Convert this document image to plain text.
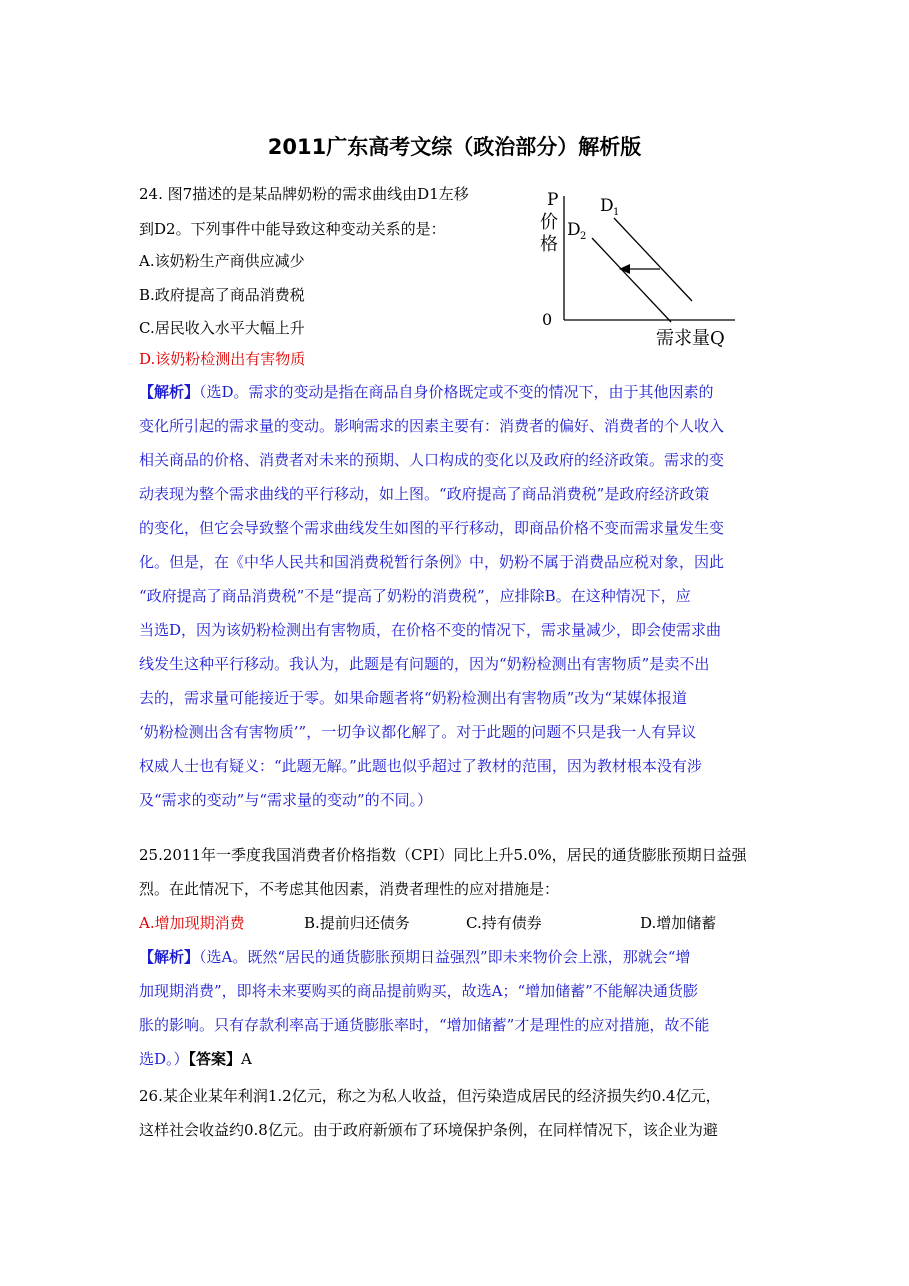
2011广东高考文综（政治部分）解析版
24. 图7描述的是某品牌奶粉的需求曲线由D1左移
到D2。下列事件中能导致这种变动关系的是：
A.该奶粉生产商供应减少
B.政府提高了商品消费税
C.居民收入水平大幅上升
D.该奶粉检测出有害物质
P
价
格
0
需求量Q
D 1
D 2
【解析】（选D。需求的变动是指在商品自身价格既定或不变的情况下，由于其他因素的
变化所引起的需求量的变动。影响需求的因素主要有：消费者的偏好、消费者的个人收入
相关商品的价格、消费者对未来的预期、人口构成的变化以及政府的经济政策。需求的变
动表现为整个需求曲线的平行移动，如上图。“政府提高了商品消费税”是政府经济政策
的变化，但它会导致整个需求曲线发生如图的平行移动，即商品价格不变而需求量发生变
化。但是，在《中华人民共和国消费税暂行条例》中，奶粉不属于消费品应税对象，因此
“政府提高了商品消费税”不是“提高了奶粉的消费税”，应排除B。在这种情况下，应
当选D，因为该奶粉检测出有害物质，在价格不变的情况下，需求量减少，即会使需求曲
线发生这种平行移动。我认为，此题是有问题的，因为“奶粉检测出有害物质”是卖不出
去的，需求量可能接近于零。如果命题者将“奶粉检测出有害物质”改为“某媒体报道
‘奶粉检测出含有害物质’”，一切争议都化解了。对于此题的问题不只是我一人有异议
权威人士也有疑义：“此题无解。”此题也似乎超过了教材的范围，因为教材根本没有涉
及“需求的变动”与“需求量的变动”的不同。）
25.2011年一季度我国消费者价格指数（CPI）同比上升5.0%，居民的通货膨胀预期日益强
烈。在此情况下，不考虑其他因素，消费者理性的应对措施是：
A.增加现期消费	B.提前归还债务	C.持有债券	D.增加储蓄
【解析】（选A。既然“居民的通货膨胀预期日益强烈”即未来物价会上涨，那就会“增
加现期消费”，即将未来要购买的商品提前购买，故选A；“增加储蓄”不能解决通货膨
胀的影响。只有存款利率高于通货膨胀率时，“增加储蓄”才是理性的应对措施，故不能
选D。）【答案】A
26.某企业某年利润1.2亿元，称之为私人收益，但污染造成居民的经济损失约0.4亿元，
这样社会收益约0.8亿元。由于政府新颁布了环境保护条例，在同样情况下，该企业为避
